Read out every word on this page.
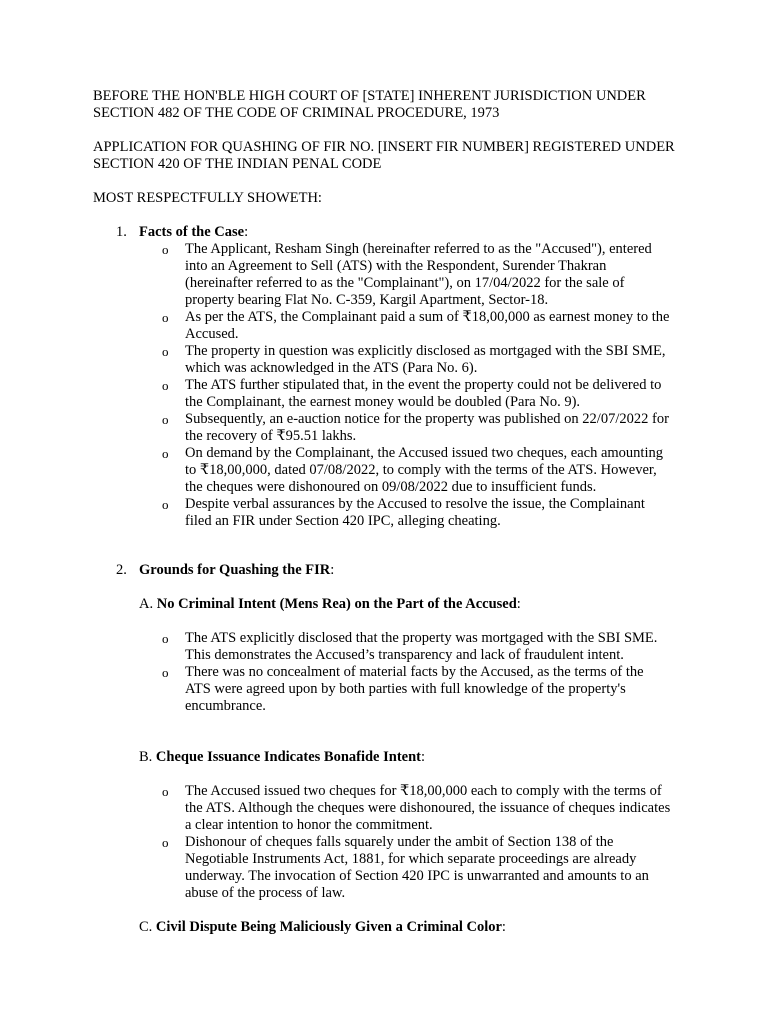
BEFORE THE HON'BLE HIGH COURT OF [STATE] INHERENT JURISDICTION UNDER SECTION 482 OF THE CODE OF CRIMINAL PROCEDURE, 1973

APPLICATION FOR QUASHING OF FIR NO. [INSERT FIR NUMBER] REGISTERED UNDER SECTION 420 OF THE INDIAN PENAL CODE

MOST RESPECTFULLY SHOWETH:

1. Facts of the Case:
o The Applicant, Resham Singh (hereinafter referred to as the "Accused"), entered into an Agreement to Sell (ATS) with the Respondent, Surender Thakran (hereinafter referred to as the "Complainant"), on 17/04/2022 for the sale of property bearing Flat No. C-359, Kargil Apartment, Sector-18.
o As per the ATS, the Complainant paid a sum of ₹18,00,000 as earnest money to the Accused.
o The property in question was explicitly disclosed as mortgaged with the SBI SME, which was acknowledged in the ATS (Para No. 6).
o The ATS further stipulated that, in the event the property could not be delivered to the Complainant, the earnest money would be doubled (Para No. 9).
o Subsequently, an e-auction notice for the property was published on 22/07/2022 for the recovery of ₹95.51 lakhs.
o On demand by the Complainant, the Accused issued two cheques, each amounting to ₹18,00,000, dated 07/08/2022, to comply with the terms of the ATS. However, the cheques were dishonoured on 09/08/2022 due to insufficient funds.
o Despite verbal assurances by the Accused to resolve the issue, the Complainant filed an FIR under Section 420 IPC, alleging cheating.
2. Grounds for Quashing the FIR:
A. No Criminal Intent (Mens Rea) on the Part of the Accused:
o The ATS explicitly disclosed that the property was mortgaged with the SBI SME. This demonstrates the Accused’s transparency and lack of fraudulent intent.
o There was no concealment of material facts by the Accused, as the terms of the ATS were agreed upon by both parties with full knowledge of the property's encumbrance.
B. Cheque Issuance Indicates Bonafide Intent:
o The Accused issued two cheques for ₹18,00,000 each to comply with the terms of the ATS. Although the cheques were dishonoured, the issuance of cheques indicates a clear intention to honor the commitment.
o Dishonour of cheques falls squarely under the ambit of Section 138 of the Negotiable Instruments Act, 1881, for which separate proceedings are already underway. The invocation of Section 420 IPC is unwarranted and amounts to an abuse of the process of law.
C. Civil Dispute Being Maliciously Given a Criminal Color:
